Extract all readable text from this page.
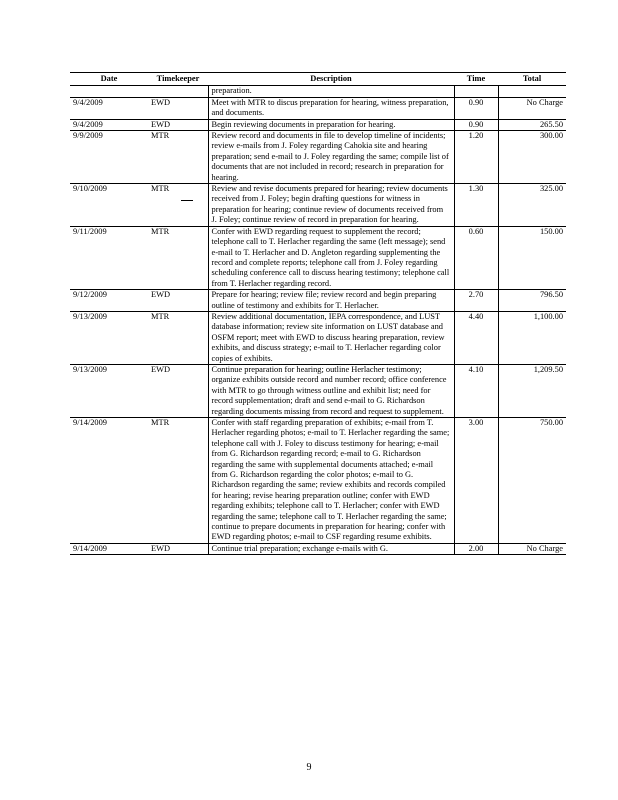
Date	Timekeeper	Description	Time	Total

		preparation.		

9/4/2009	EWD	Meet with MTR to discus preparation for hearing, witness preparation, and documents.	0.90	No Charge
9/4/2009	EWD	Begin reviewing documents in preparation for hearing.	0.90	265.50
9/9/2009	MTR	Review record and documents in file to develop timeline of incidents; review e-mails from J. Foley regarding Cahokia site and hearing preparation; send e-mail to J. Foley regarding the same; compile list of documents that are not included in record; research in preparation for hearing.	1.20	300.00
9/10/2009	MTR	Review and revise documents prepared for hearing; review documents received from J. Foley; begin drafting questions for witness in preparation for hearing; continue review of documents received from J. Foley; continue review of record in preparation for hearing.	1.30	325.00
9/11/2009	MTR	Confer with EWD regarding request to supplement the record; telephone call to T. Herlacher regarding the same (left message); send e-mail to T. Herlacher and D. Angleton regarding supplementing the record and complete reports; telephone call from J. Foley regarding scheduling conference call to discuss hearing testimony; telephone call from T. Herlacher regarding record.	0.60	150.00
9/12/2009	EWD	Prepare for hearing; review file; review record and begin preparing outline of testimony and exhibits for T. Herlacher.	2.70	796.50
9/13/2009	MTR	Review additional documentation, IEPA correspondence, and LUST database information; review site information on LUST database and OSFM report; meet with EWD to discuss hearing preparation, review exhibits, and discuss strategy; e-mail to T. Herlacher regarding color copies of exhibits.	4.40	1,100.00
9/13/2009	EWD	Continue preparation for hearing; outline Herlacher testimony; organize exhibits outside record and number record; office conference with MTR to go through witness outline and exhibit list; need for record supplementation; draft and send e-mail to G. Richardson regarding documents missing from record and request to supplement.	4.10	1,209.50
9/14/2009	MTR	Confer with staff regarding preparation of exhibits; e-mail from T. Herlacher regarding photos; e-mail to T. Herlacher regarding the same; telephone call with J. Foley to discuss testimony for hearing; e-mail from G. Richardson regarding record; e-mail to G. Richardson regarding the same with supplemental documents attached; e-mail from G. Richardson regarding the color photos; e-mail to G. Richardson regarding the same; review exhibits and records compiled for hearing; revise hearing preparation outline; confer with EWD regarding exhibits; telephone call to T. Herlacher; confer with EWD regarding the same; telephone call to T. Herlacher regarding the same; continue to prepare documents in preparation for hearing; confer with EWD regarding photos; e-mail to CSF regarding resume exhibits.	3.00	750.00
9/14/2009	EWD	Continue trial preparation; exchange e-mails with G.	2.00	No Charge
9
